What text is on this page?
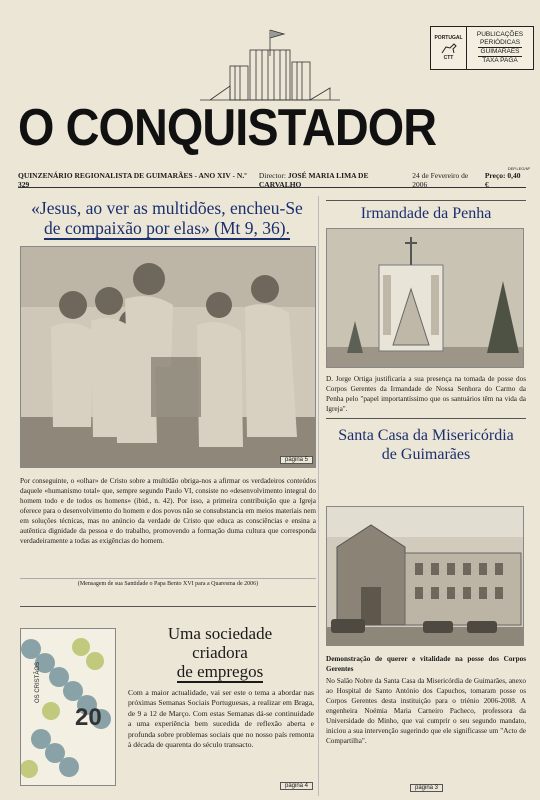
O CONQUISTADOR
PORTUGAL
CTT
PUBLICAÇÕES
PERIÓDICAS
GUIMARÃES
TAXA PAGA
DEP.LEG/Nº
QUINZENÁRIO REGIONALISTA DE GUIMARÃES - ANO XIV - N.º 329
Director: JOSÉ MARIA LIMA DE CARVALHO
24 de Fevereiro de 2006
Preço: 0,40 €
«Jesus, ao ver as multidões, encheu-Se
de compaixão por elas» (Mt 9, 36).
página 5
Por conseguinte, o «olhar» de Cristo sobre a multidão obriga-nos a afirmar os verdadeiros conteúdos daquele «humanismo total» que, sempre segundo Paulo VI, consiste no «desenvolvimento integral do homem todo e de todos os homens» (ibid., n. 42). Por isso, a primeira contribuição que a Igreja oferece para o desenvolvimento do homem e dos povos não se consubstancia em meios materiais nem em soluções técnicas, mas no anúncio da verdade de Cristo que educa as consciências e ensina a autêntica dignidade da pessoa e do trabalho, promovendo a formação duma cultura que corresponda verdadeiramente a todas as exigências do homem.
(Mensagem de sua Santidade o Papa Bento XVI para a Quaresma de 2006)
Irmandade da Penha
D. Jorge Ortiga justificaria a sua presença na tomada de posse dos Corpos Gerentes da Irmandade de Nossa Senhora do Carmo da Penha pelo "papel importantíssimo que os santuários têm na vida da Igreja".
Santa Casa da Misericórdia
de Guimarães
Demonstração de querer e vitalidade na posse dos Corpos Gerentes
No Salão Nobre da Santa Casa da Misericórdia de Guimarães, anexo ao Hospital de Santo António dos Capuchos, tomaram posse os Corpos Gerentes desta instituição para o triénio 2006-2008. A engenheira Noémia Maria Carneiro Pacheco, professora da Universidade do Minho, que vai cumprir o seu segundo mandato, iniciou a sua intervenção sugerindo que ele significasse um "Acto de Compartilha".
página 3
20
OS CRISTÃOS
Uma sociedade
criadora
de empregos
Com a maior actualidade, vai ser este o tema a abordar nas próximas Semanas Sociais Portuguesas, a realizar em Braga, de 9 a 12 de Março. Com estas Semanas dá-se continuidade a uma experiência bem sucedida de reflexão aberta e profunda sobre problemas sociais que no nosso país remonta à década de quarenta do século transacto.
página 4
